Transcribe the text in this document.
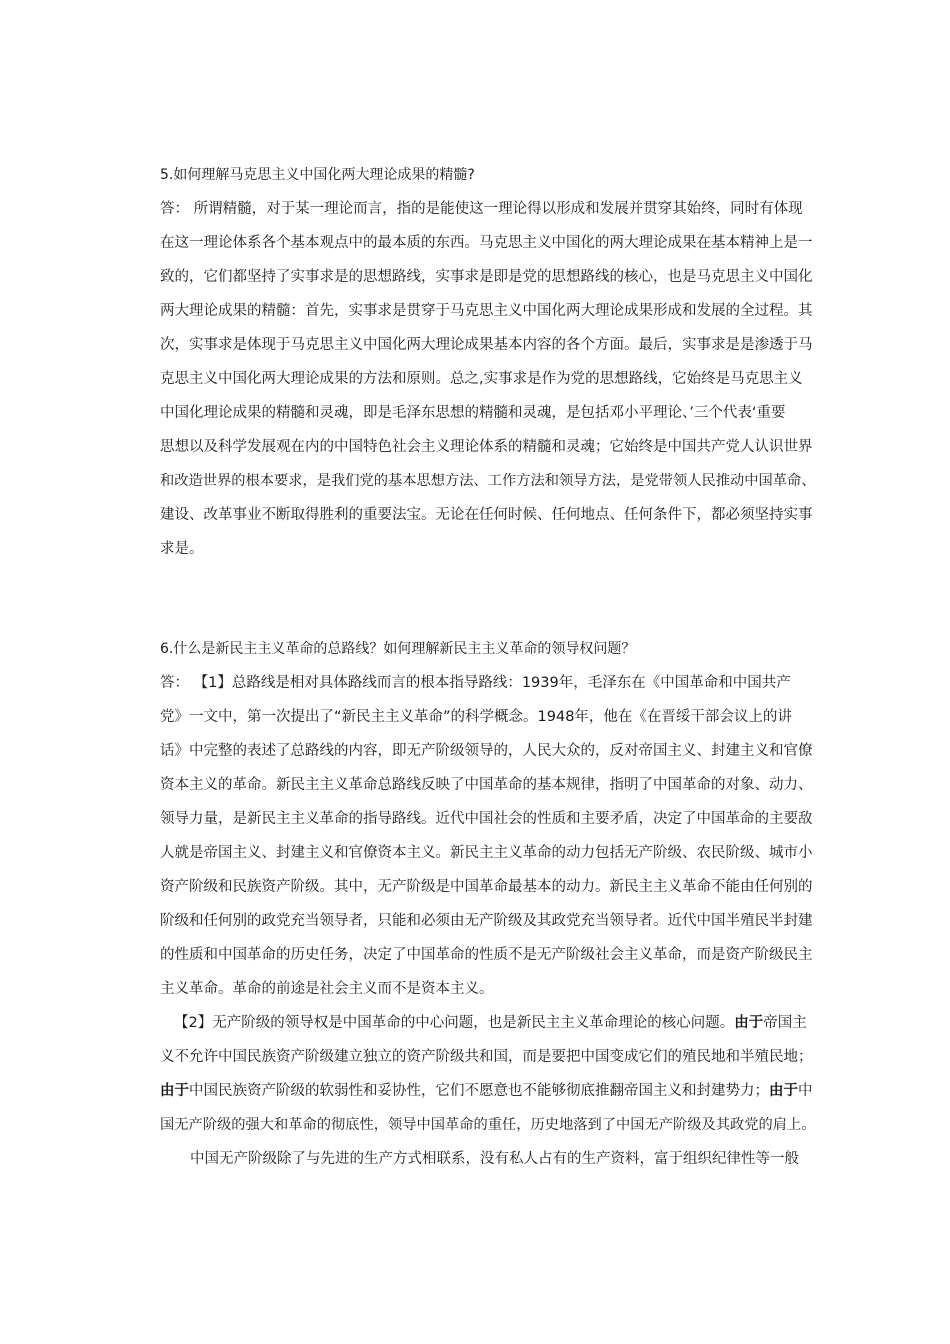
5.如何理解马克思主义中国化两大理论成果的精髓?
答： 所谓精髓，对于某一理论而言，指的是能使这一理论得以形成和发展并贯穿其始终，同时有体现
在这一理论体系各个基本观点中的最本质的东西。马克思主义中国化的两大理论成果在基本精神上是一
致的，它们都坚持了实事求是的思想路线，实事求是即是党的思想路线的核心，也是马克思主义中国化
两大理论成果的精髓：首先，实事求是贯穿于马克思主义中国化两大理论成果形成和发展的全过程。其
次，实事求是体现于马克思主义中国化两大理论成果基本内容的各个方面。最后，实事求是是渗透于马
克思主义中国化两大理论成果的方法和原则。总之,实事求是作为党的思想路线，它始终是马克思主义
中国化理论成果的精髓和灵魂，即是毛泽东思想的精髓和灵魂，是包括邓小平理论、’三个代表‘重要
思想以及科学发展观在内的中国特色社会主义理论体系的精髓和灵魂；它始终是中国共产党人认识世界
和改造世界的根本要求，是我们党的基本思想方法、工作方法和领导方法，是党带领人民推动中国革命、
建设、改革事业不断取得胜利的重要法宝。无论在任何时候、任何地点、任何条件下，都必须坚持实事
求是。
6.什么是新民主主义革命的总路线？如何理解新民主主义革命的领导权问题？
答： 【1】总路线是相对具体路线而言的根本指导路线：1939年，毛泽东在《中国革命和中国共产
党》一文中，第一次提出了“新民主主义革命”的科学概念。1948年，他在《在晋绥干部会议上的讲
话》中完整的表述了总路线的内容，即无产阶级领导的，人民大众的，反对帝国主义、封建主义和官僚
资本主义的革命。新民主主义革命总路线反映了中国革命的基本规律，指明了中国革命的对象、动力、
领导力量，是新民主主义革命的指导路线。近代中国社会的性质和主要矛盾，决定了中国革命的主要敌
人就是帝国主义、封建主义和官僚资本主义。新民主主义革命的动力包括无产阶级、农民阶级、城市小
资产阶级和民族资产阶级。其中，无产阶级是中国革命最基本的动力。新民主主义革命不能由任何别的
阶级和任何别的政党充当领导者，只能和必须由无产阶级及其政党充当领导者。近代中国半殖民半封建
的性质和中国革命的历史任务，决定了中国革命的性质不是无产阶级社会主义革命，而是资产阶级民主
主义革命。革命的前途是社会主义而不是资本主义。
【2】无产阶级的领导权是中国革命的中心问题，也是新民主主义革命理论的核心问题。由于帝国主
义不允许中国民族资产阶级建立独立的资产阶级共和国，而是要把中国变成它们的殖民地和半殖民地；
由于中国民族资产阶级的软弱性和妥协性，它们不愿意也不能够彻底推翻帝国主义和封建势力；由于中
国无产阶级的强大和革命的彻底性，领导中国革命的重任，历史地落到了中国无产阶级及其政党的肩上。
中国无产阶级除了与先进的生产方式相联系，没有私人占有的生产资料，富于组织纪律性等一般
